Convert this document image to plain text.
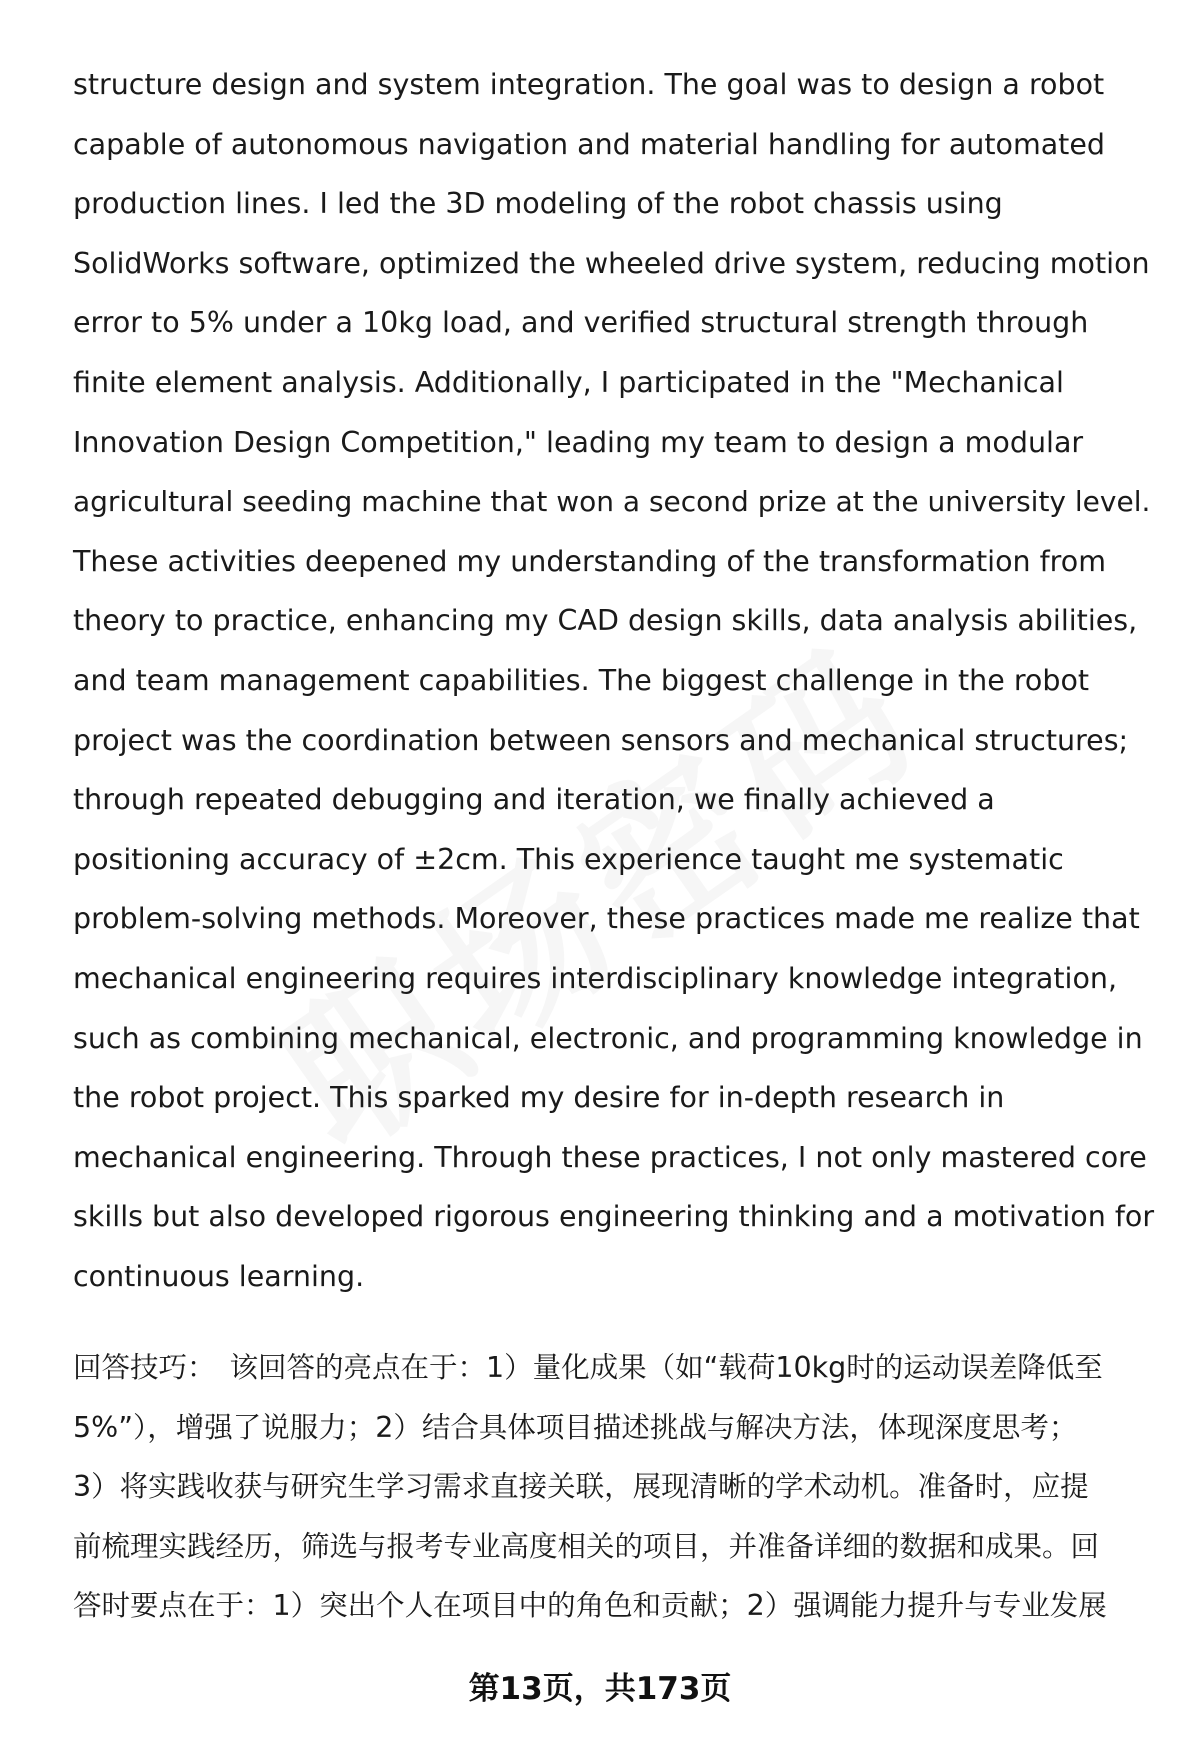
structure design and system integration. The goal was to design a robot
capable of autonomous navigation and material handling for automated
production lines. I led the 3D modeling of the robot chassis using
SolidWorks software, optimized the wheeled drive system, reducing motion
error to 5% under a 10kg load, and verified structural strength through
finite element analysis. Additionally, I participated in the "Mechanical
Innovation Design Competition," leading my team to design a modular
agricultural seeding machine that won a second prize at the university level.
These activities deepened my understanding of the transformation from
theory to practice, enhancing my CAD design skills, data analysis abilities,
and team management capabilities. The biggest challenge in the robot
project was the coordination between sensors and mechanical structures;
through repeated debugging and iteration, we finally achieved a
positioning accuracy of ±2cm. This experience taught me systematic
problem-solving methods. Moreover, these practices made me realize that
mechanical engineering requires interdisciplinary knowledge integration,
such as combining mechanical, electronic, and programming knowledge in
the robot project. This sparked my desire for in-depth research in
mechanical engineering. Through these practices, I not only mastered core
skills but also developed rigorous engineering thinking and a motivation for
continuous learning.
回答技巧： 该回答的亮点在于：1）量化成果（如“载荷10kg时的运动误差降低至
5%”），增强了说服力；2）结合具体项目描述挑战与解决方法，体现深度思考；
3）将实践收获与研究生学习需求直接关联，展现清晰的学术动机。准备时，应提
前梳理实践经历，筛选与报考专业高度相关的项目，并准备详细的数据和成果。回
答时要点在于：1）突出个人在项目中的角色和贡献；2）强调能力提升与专业发展
第13页，共173页
